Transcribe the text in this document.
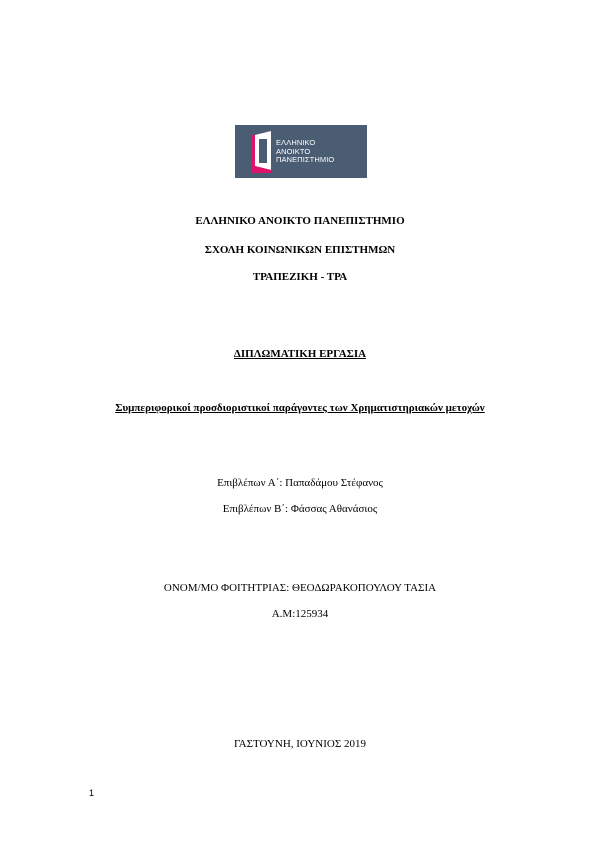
ΕΛΛΗΝΙΚΟ
ΑΝΟΙΚΤΟ
ΠΑΝΕΠΙΣΤΗΜΙΟ
ΕΛΛΗΝΙΚΟ ΑΝΟΙΚΤΟ ΠΑΝΕΠΙΣΤΗΜΙΟ
ΣΧΟΛΗ ΚΟΙΝΩΝΙΚΩΝ ΕΠΙΣΤΗΜΩΝ
ΤΡΑΠΕΖΙΚΗ - ΤΡΑ
ΔΙΠΛΩΜΑΤΙΚΗ ΕΡΓΑΣΙΑ
Συμπεριφορικοί προσδιοριστικοί παράγοντες των Χρηματιστηριακών μετοχών
Επιβλέπων Α΄: Παπαδάμου Στέφανος
Επιβλέπων Β΄: Φάσσας Αθανάσιος
ΟΝΟΜ/ΜΟ ΦΟΙΤΗΤΡΙΑΣ: ΘΕΟΔΩΡΑΚΟΠΟΥΛΟΥ ΤΑΣΙΑ
Α.Μ:125934
ΓΑΣΤΟΥΝΗ, ΙΟΥΝΙΟΣ 2019
1
